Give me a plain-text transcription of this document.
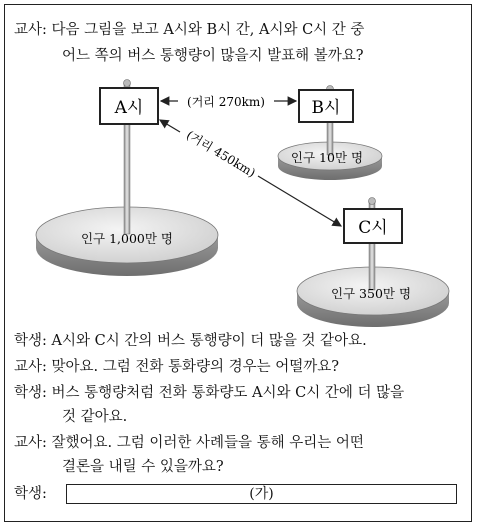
교사: 다음 그림을 보고 A시와 B시 간, A시와 C시 간 중
어느 쪽의 버스 통행량이 많을지 발표해 볼까요?
A시	B시
C시
(거리 270km)
(거리 450km)
인구 1,000만 명
인구 10만 명
인구 350만 명
학생: A시와 C시 간의 버스 통행량이 더 많을 것 같아요.
교사: 맞아요. 그럼 전화 통화량의 경우는 어떨까요?
학생: 버스 통행량처럼 전화 통화량도 A시와 C시 간에 더 많을
것 같아요.
교사: 잘했어요. 그럼 이러한 사례들을 통해 우리는 어떤
결론을 내릴 수 있을까요?
학생:	(가)
